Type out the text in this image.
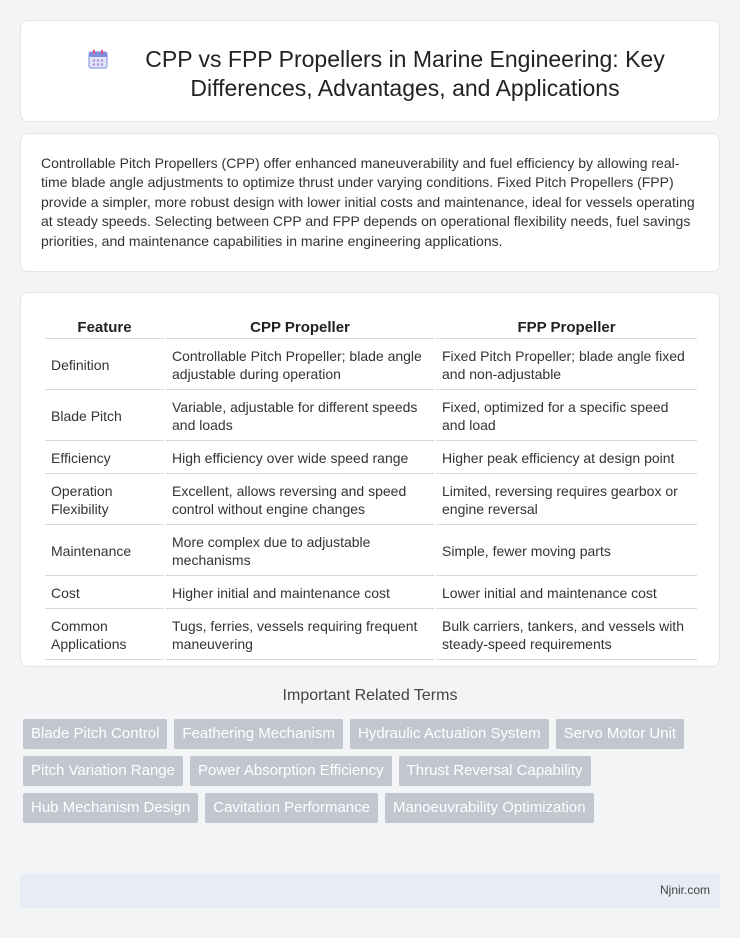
CPP vs FPP Propellers in Marine Engineering: Key Differences, Advantages, and Applications

Controllable Pitch Propellers (CPP) offer enhanced maneuverability and fuel efficiency by allowing real-time blade angle adjustments to optimize thrust under varying conditions. Fixed Pitch Propellers (FPP) provide a simpler, more robust design with lower initial costs and maintenance, ideal for vessels operating at steady speeds. Selecting between CPP and FPP depends on operational flexibility needs, fuel savings priorities, and maintenance capabilities in marine engineering applications.

Feature	CPP Propeller	FPP Propeller
Definition	Controllable Pitch Propeller; blade angle adjustable during operation	Fixed Pitch Propeller; blade angle fixed and non-adjustable
Blade Pitch	Variable, adjustable for different speeds and loads	Fixed, optimized for a specific speed and load
Efficiency	High efficiency over wide speed range	Higher peak efficiency at design point
Operation Flexibility	Excellent, allows reversing and speed control without engine changes	Limited, reversing requires gearbox or engine reversal
Maintenance	More complex due to adjustable mechanisms	Simple, fewer moving parts
Cost	Higher initial and maintenance cost	Lower initial and maintenance cost
Common Applications	Tugs, ferries, vessels requiring frequent maneuvering	Bulk carriers, tankers, and vessels with steady-speed requirements
Important Related Terms
Blade Pitch Control	Feathering Mechanism	Hydraulic Actuation System	Servo Motor Unit
Pitch Variation Range	Power Absorption Efficiency	Thrust Reversal Capability
Hub Mechanism Design	Cavitation Performance	Manoeuvrability Optimization
Njnir.com
